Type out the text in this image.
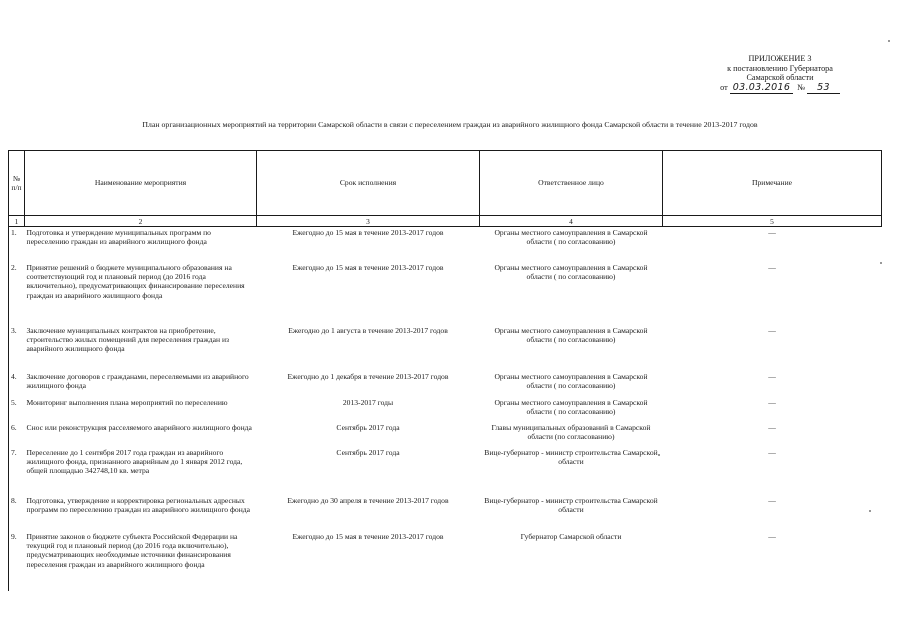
ПРИЛОЖЕНИЕ 3
к постановлению Губернатора
Самарской области
от 03.03.2016 № 53
План организационных мероприятий на территории Самарской области в связи с переселением граждан из аварийного жилищного фонда Самарской области в течение 2013-2017 годов
№ п/п	Наименование мероприятия	Срок исполнения	Ответственное лицо	Примечание
1	2	3	4	5
1.	Подготовка и утверждение муниципальных программ по переселению граждан из аварийного жилищного фонда	Ежегодно до 15 мая в течение 2013-2017 годов	Органы местного самоуправления в Самарской области ( по согласованию)	—
2.	Принятие решений о бюджете муниципального образования на соответствующий год и плановый период (до 2016 года включительно), предусматривающих финансирование переселения граждан из аварийного жилищного фонда	Ежегодно до 15 мая в течение 2013-2017 годов	Органы местного самоуправления в Самарской области ( по согласованию)	—
3.	Заключение муниципальных контрактов на приобретение, строительство жилых помещений для переселения граждан из аварийного жилищного фонда	Ежегодно до 1 августа в течение 2013-2017 годов	Органы местного самоуправления в Самарской области ( по согласованию)	—
4.	Заключение договоров с гражданами, переселяемыми из аварийного жилищного фонда	Ежегодно до 1 декабря в течение 2013-2017 годов	Органы местного самоуправления в Самарской области ( по согласованию)	—
5.	Мониторинг выполнения плана мероприятий по переселению	2013-2017 годы	Органы местного самоуправления в Самарской области ( по согласованию)	—
6.	Снос или реконструкция расселяемого аварийного жилищного фонда	Сентябрь 2017 года	Главы муниципальных образований в Самарской области (по согласованию)	—
7.	Переселение до 1 сентября 2017 года граждан из аварийного жилищного фонда, признанного аварийным до 1 января 2012 года, общей площадью 342748,10 кв. метра	Сентябрь 2017 года	Вице-губернатор - министр строительства Самарской области	—
8.	Подготовка, утверждение и корректировка региональных адресных программ по переселению граждан из аварийного жилищного фонда	Ежегодно до 30 апреля в течение 2013-2017 годов	Вице-губернатор - министр строительства Самарской области	—
9.	Принятие законов о бюджете субъекта Российской Федерации на текущий год и плановый период (до 2016 года включительно), предусматривающих необходимые источники финансирования переселения граждан из аварийного жилищного фонда	Ежегодно до 15 мая в течение 2013-2017 годов	Губернатор Самарской области	—
